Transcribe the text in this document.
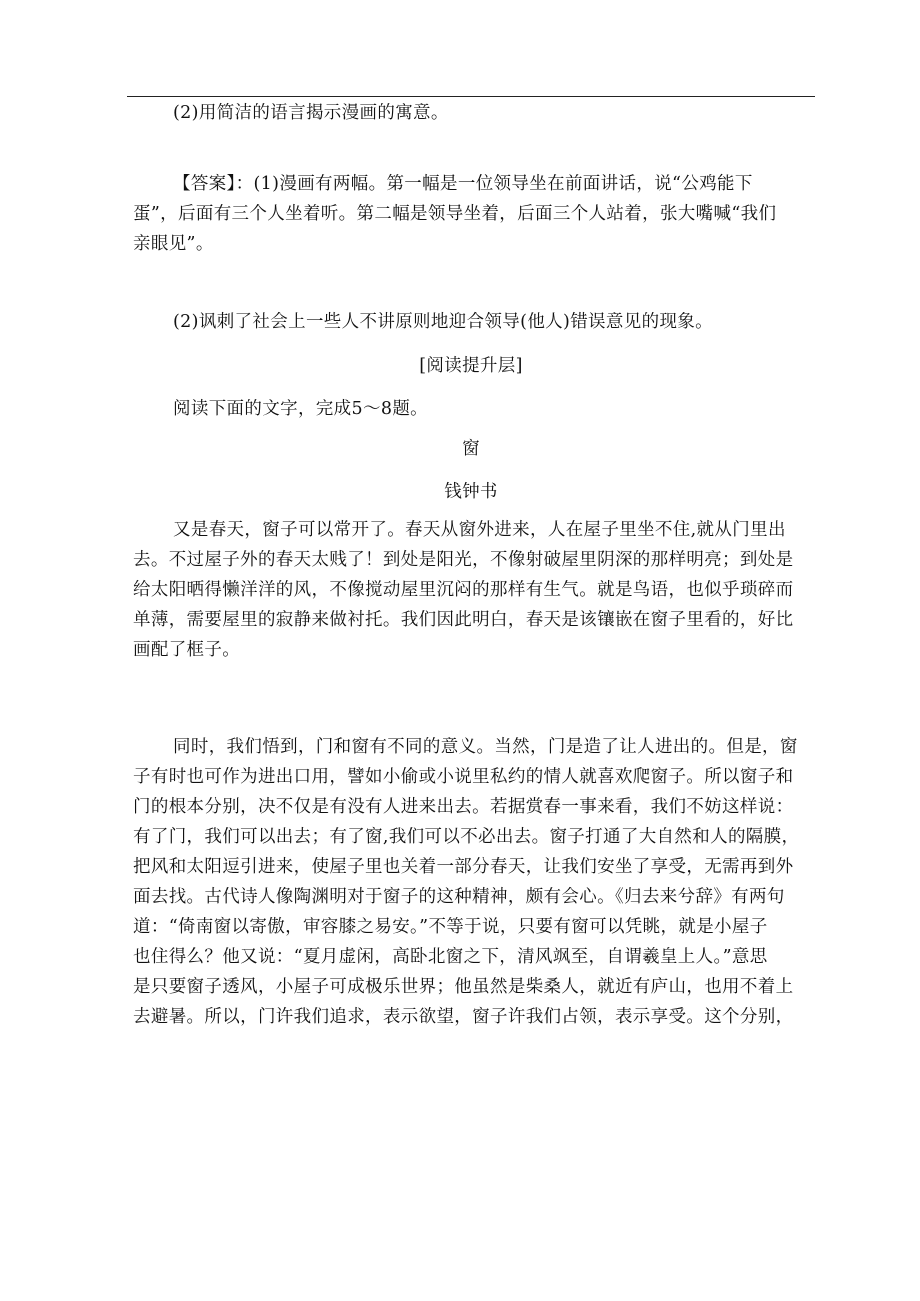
(2)用简洁的语言揭示漫画的寓意。
【答案】：(1)漫画有两幅。第一幅是一位领导坐在前面讲话，说“公鸡能下
蛋”，后面有三个人坐着听。第二幅是领导坐着，后面三个人站着，张大嘴喊“我们
亲眼见”。
(2)讽刺了社会上一些人不讲原则地迎合领导(他人)错误意见的现象。
[阅读提升层]
阅读下面的文字，完成5～8题。
窗
钱钟书
又是春天，窗子可以常开了。春天从窗外进来，人在屋子里坐不住,就从门里出
去。不过屋子外的春天太贱了！到处是阳光，不像射破屋里阴深的那样明亮；到处是
给太阳晒得懒洋洋的风，不像搅动屋里沉闷的那样有生气。就是鸟语，也似乎琐碎而
单薄，需要屋里的寂静来做衬托。我们因此明白，春天是该镶嵌在窗子里看的，好比
画配了框子。
同时，我们悟到，门和窗有不同的意义。当然，门是造了让人进出的。但是，窗
子有时也可作为进出口用，譬如小偷或小说里私约的情人就喜欢爬窗子。所以窗子和
门的根本分别，决不仅是有没有人进来出去。若据赏春一事来看，我们不妨这样说：
有了门，我们可以出去；有了窗,我们可以不必出去。窗子打通了大自然和人的隔膜，
把风和太阳逗引进来，使屋子里也关着一部分春天，让我们安坐了享受，无需再到外
面去找。古代诗人像陶渊明对于窗子的这种精神，颇有会心。《归去来兮辞》有两句
道：“倚南窗以寄傲，审容膝之易安。”不等于说，只要有窗可以凭眺，就是小屋子
也住得么？他又说：“夏月虚闲，高卧北窗之下，清风飒至，自谓羲皇上人。”意思
是只要窗子透风，小屋子可成极乐世界；他虽然是柴桑人，就近有庐山，也用不着上
去避暑。所以，门许我们追求，表示欲望，窗子许我们占领，表示享受。这个分别，
